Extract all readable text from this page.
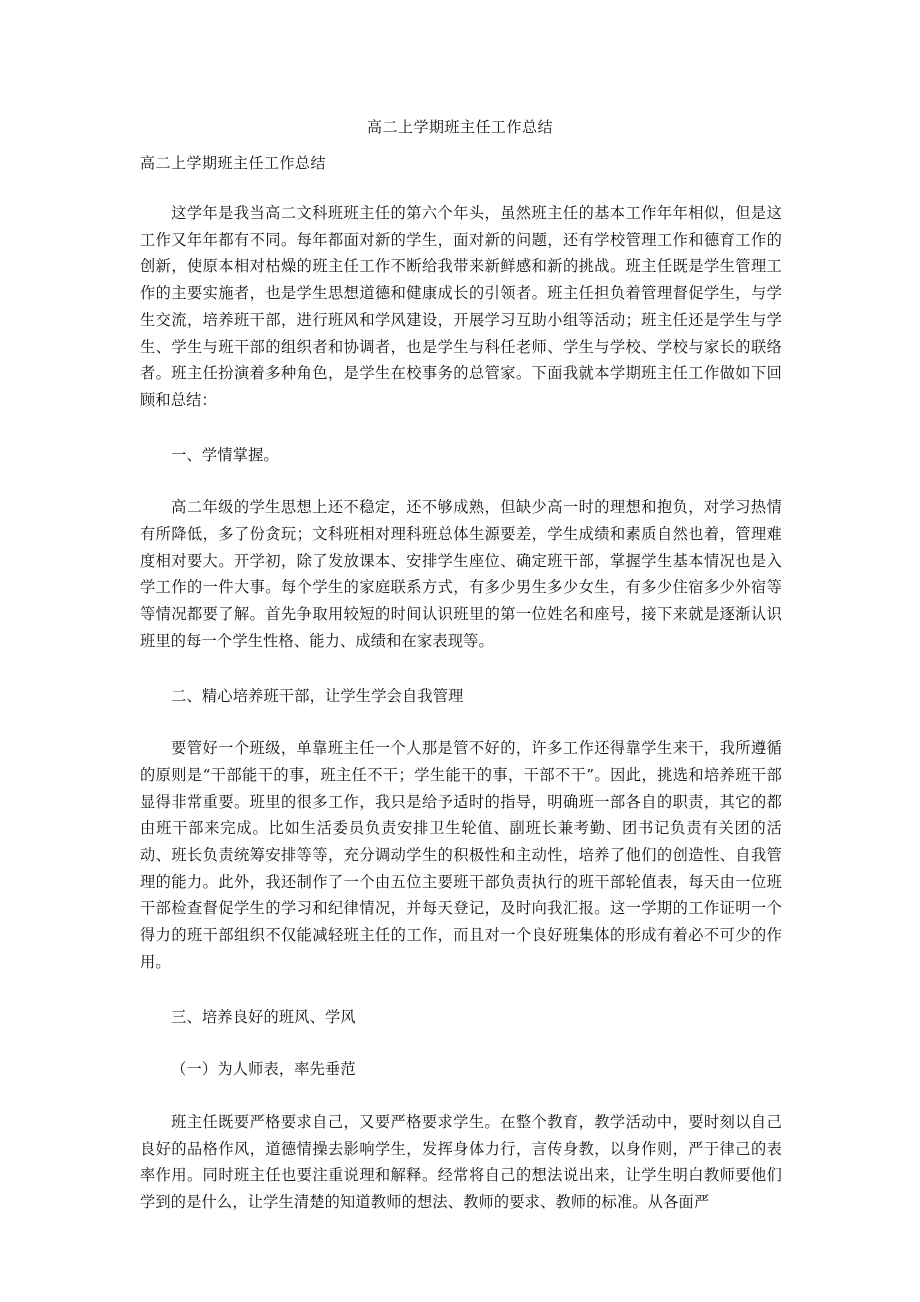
高二上学期班主任工作总结
高二上学期班主任工作总结

这学年是我当高二文科班班主任的第六个年头，虽然班主任的基本工作年年相似，但是这工作又年年都有不同。每年都面对新的学生，面对新的问题，还有学校管理工作和德育工作的创新，使原本相对枯燥的班主任工作不断给我带来新鲜感和新的挑战。班主任既是学生管理工作的主要实施者，也是学生思想道德和健康成长的引领者。班主任担负着管理督促学生，与学生交流，培养班干部，进行班风和学风建设，开展学习互助小组等活动；班主任还是学生与学生、学生与班干部的组织者和协调者，也是学生与科任老师、学生与学校、学校与家长的联络者。班主任扮演着多种角色，是学生在校事务的总管家。下面我就本学期班主任工作做如下回顾和总结：

一、学情掌握。

高二年级的学生思想上还不稳定，还不够成熟，但缺少高一时的理想和抱负，对学习热情有所降低，多了份贪玩；文科班相对理科班总体生源要差，学生成绩和素质自然也着，管理难度相对要大。开学初，除了发放课本、安排学生座位、确定班干部，掌握学生基本情况也是入学工作的一件大事。每个学生的家庭联系方式，有多少男生多少女生，有多少住宿多少外宿等等情况都要了解。首先争取用较短的时间认识班里的第一位姓名和座号，接下来就是逐渐认识班里的每一个学生性格、能力、成绩和在家表现等。

二、精心培养班干部，让学生学会自我管理

要管好一个班级，单靠班主任一个人那是管不好的，许多工作还得靠学生来干，我所遵循的原则是“干部能干的事，班主任不干；学生能干的事，干部不干”。因此，挑选和培养班干部显得非常重要。班里的很多工作，我只是给予适时的指导，明确班一部各自的职责，其它的都由班干部来完成。比如生活委员负责安排卫生轮值、副班长兼考勤、团书记负责有关团的活动、班长负责统筹安排等等，充分调动学生的积极性和主动性，培养了他们的创造性、自我管理的能力。此外，我还制作了一个由五位主要班干部负责执行的班干部轮值表，每天由一位班干部检查督促学生的学习和纪律情况，并每天登记，及时向我汇报。这一学期的工作证明一个得力的班干部组织不仅能减轻班主任的工作，而且对一个良好班集体的形成有着必不可少的作用。

三、培养良好的班风、学风

（一）为人师表，率先垂范

班主任既要严格要求自己，又要严格要求学生。在整个教育，教学活动中，要时刻以自己良好的品格作风，道德情操去影响学生，发挥身体力行，言传身教，以身作则，严于律己的表率作用。同时班主任也要注重说理和解释。经常将自己的想法说出来，让学生明白教师要他们学到的是什么，让学生清楚的知道教师的想法、教师的要求、教师的标准。从各面严
